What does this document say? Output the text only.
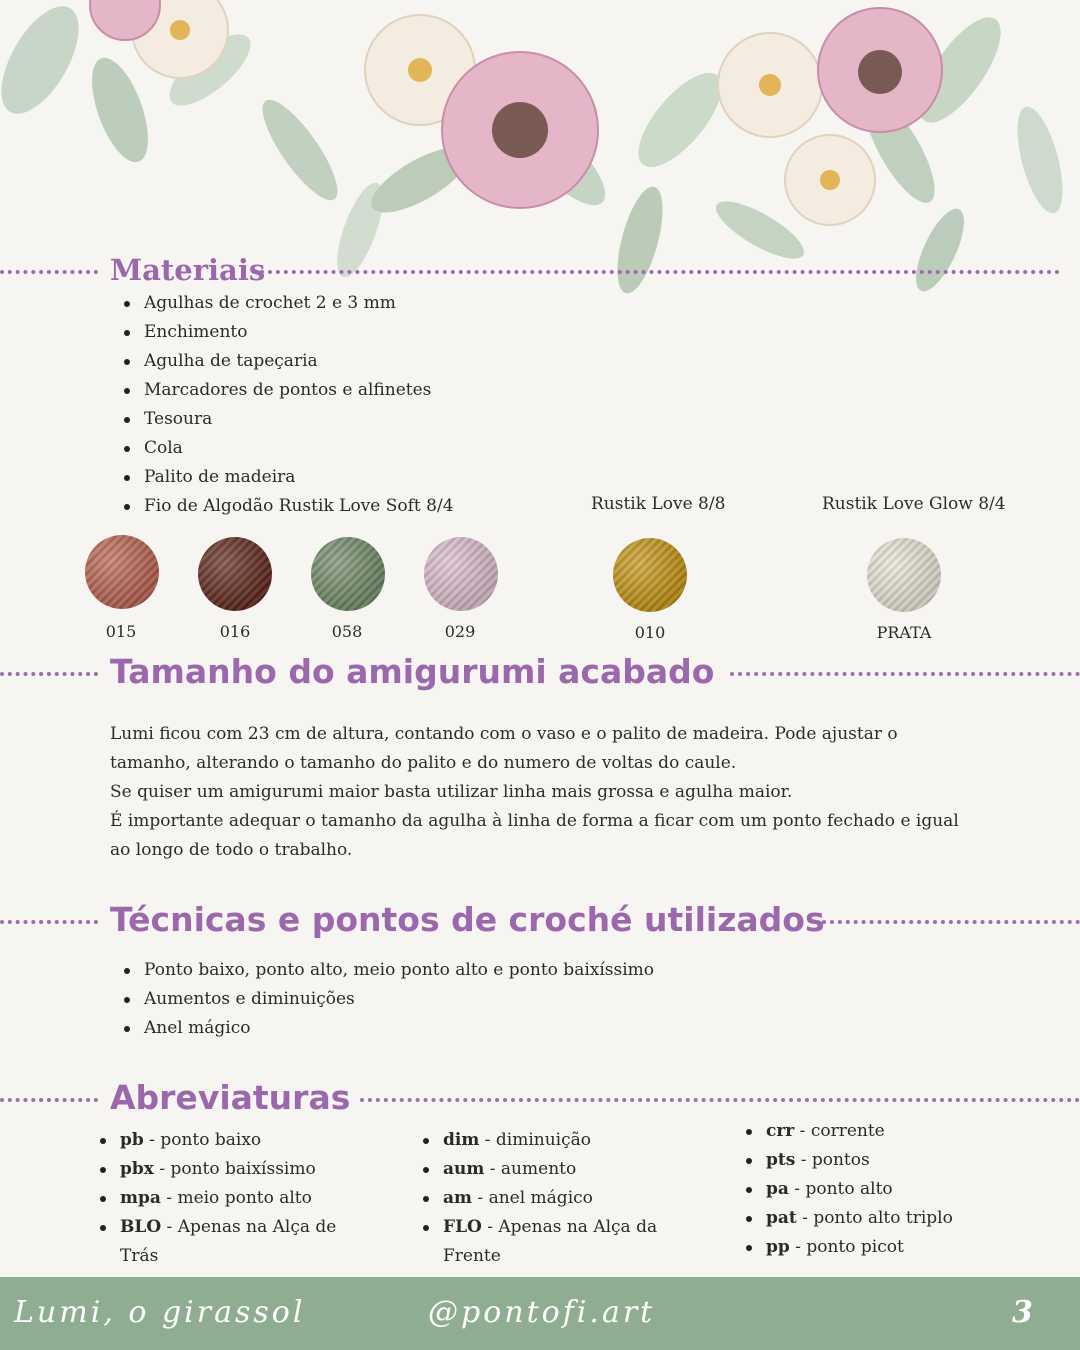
Materiais
Agulhas de crochet 2 e 3 mm
Enchimento
Agulha de tapeçaria
Marcadores de pontos e alfinetes
Tesoura
Cola
Palito de madeira
Fio de Algodão Rustik Love Soft 8/4	Rustik Love 8/8	Rustik Love Glow 8/4
015	016	058	029	010	PRATA
Tamanho do amigurumi acabado

Lumi ficou com 23 cm de altura, contando com o vaso e o palito de madeira. Pode ajustar o tamanho, alterando o tamanho do palito e do numero de voltas do caule.

Se quiser um amigurumi maior basta utilizar linha mais grossa e agulha maior.

É importante adequar o tamanho da agulha à linha de forma a ficar com um ponto fechado e igual ao longo de todo o trabalho.

Técnicas e pontos de croché utilizados
Ponto baixo, ponto alto, meio ponto alto e ponto baixíssimo
Aumentos e diminuições
Anel mágico
Abreviaturas
pb - ponto baixo
pbx - ponto baixíssimo
mpa - meio ponto alto
BLO - Apenas na Alça de Trás
dim - diminuição
aum - aumento
am - anel mágico
FLO - Apenas na Alça da Frente
crr - corrente
pts - pontos
pa - ponto alto
pat - ponto alto triplo
pp - ponto picot
Lumi, o girassol	@pontofi.art	3
